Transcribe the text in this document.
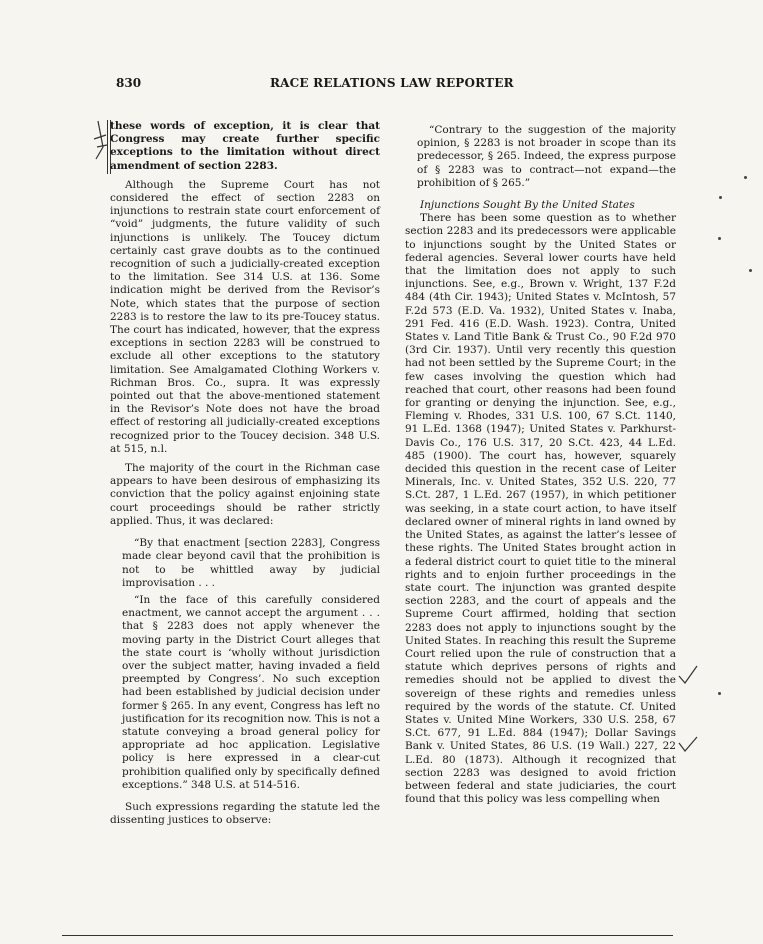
830	RACE RELATIONS LAW REPORTER

these words of exception, it is clear that Congress may create further specific exceptions to the limitation without direct amendment of section 2283.

Although the Supreme Court has not considered the effect of section 2283 on injunctions to restrain state court enforcement of “void” judgments, the future validity of such injunctions is unlikely. The Toucey dictum certainly cast grave doubts as to the continued recognition of such a judicially-created exception to the limitation. See 314 U.S. at 136. Some indication might be derived from the Revisor’s Note, which states that the purpose of section 2283 is to restore the law to its pre-Toucey status. The court has indicated, however, that the express exceptions in section 2283 will be construed to exclude all other exceptions to the statutory limitation. See Amalgamated Clothing Workers v. Richman Bros. Co., supra. It was expressly pointed out that the above-mentioned statement in the Revisor’s Note does not have the broad effect of restoring all judicially-created exceptions recognized prior to the Toucey decision. 348 U.S. at 515, n.l.

The majority of the court in the Richman case appears to have been desirous of emphasizing its conviction that the policy against enjoining state court proceedings should be rather strictly applied. Thus, it was declared:

“By that enactment [section 2283], Congress made clear beyond cavil that the prohibition is not to be whittled away by judicial improvisation . . .

“In the face of this carefully considered enactment, we cannot accept the argument . . . that § 2283 does not apply whenever the moving party in the District Court alleges that the state court is ‘wholly without jurisdiction over the subject matter, having invaded a field preempted by Congress’. No such exception had been established by judicial decision under former § 265. In any event, Congress has left no justification for its recognition now. This is not a statute conveying a broad general policy for appropriate ad hoc application. Legislative policy is here expressed in a clear-cut prohibition qualified only by specifically defined exceptions.” 348 U.S. at 514-516.

Such expressions regarding the statute led the dissenting justices to observe:

“Contrary to the suggestion of the majority opinion, § 2283 is not broader in scope than its predecessor, § 265. Indeed, the express purpose of § 2283 was to contract—not expand—the prohibition of § 265.”

Injunctions Sought By the United States

There has been some question as to whether section 2283 and its predecessors were applicable to injunctions sought by the United States or federal agencies. Several lower courts have held that the limitation does not apply to such injunctions. See, e.g., Brown v. Wright, 137 F.2d 484 (4th Cir. 1943); United States v. McIntosh, 57 F.2d 573 (E.D. Va. 1932), United States v. Inaba, 291 Fed. 416 (E.D. Wash. 1923). Contra, United States v. Land Title Bank & Trust Co., 90 F.2d 970 (3rd Cir. 1937). Until very recently this question had not been settled by the Supreme Court; in the few cases involving the question which had reached that court, other reasons had been found for granting or denying the injunction. See, e.g., Fleming v. Rhodes, 331 U.S. 100, 67 S.Ct. 1140, 91 L.Ed. 1368 (1947); United States v. Parkhurst-Davis Co., 176 U.S. 317, 20 S.Ct. 423, 44 L.Ed. 485 (1900). The court has, however, squarely decided this question in the recent case of Leiter Minerals, Inc. v. United States, 352 U.S. 220, 77 S.Ct. 287, 1 L.Ed. 267 (1957), in which petitioner was seeking, in a state court action, to have itself declared owner of mineral rights in land owned by the United States, as against the latter’s lessee of these rights. The United States brought action in a federal district court to quiet title to the mineral rights and to enjoin further proceedings in the state court. The injunction was granted despite section 2283, and the court of appeals and the Supreme Court affirmed, holding that section 2283 does not apply to injunctions sought by the United States. In reaching this result the Supreme Court relied upon the rule of construction that a statute which deprives persons of rights and remedies should not be applied to divest the sovereign of these rights and remedies unless required by the words of the statute. Cf. United States v. United Mine Workers, 330 U.S. 258, 67 S.Ct. 677, 91 L.Ed. 884 (1947); Dollar Savings Bank v. United States, 86 U.S. (19 Wall.) 227, 22 L.Ed. 80 (1873). Although it recognized that section 2283 was designed to avoid friction between federal and state judiciaries, the court found that this policy was less compelling when
